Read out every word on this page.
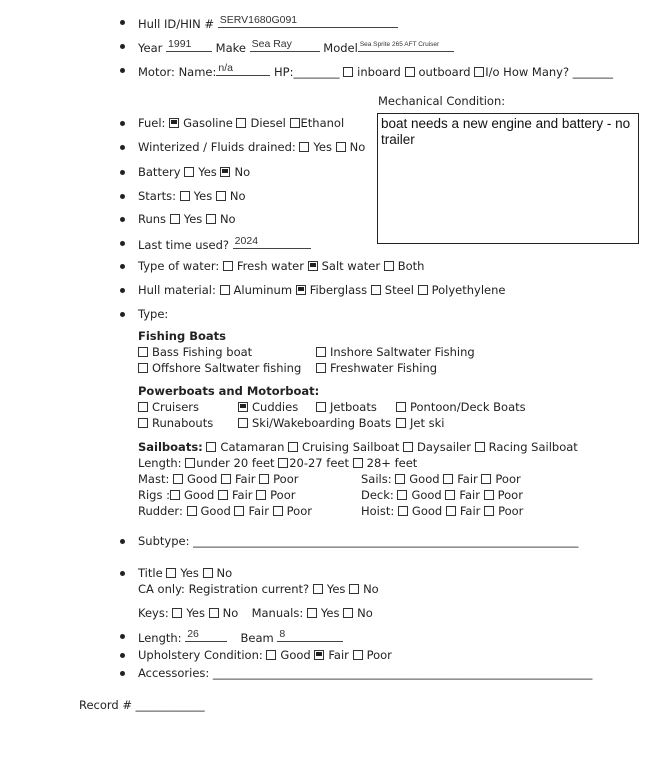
Hull ID/HIN # SERV1680G091
Year 1991 Make Sea Ray	Model Sea Sprite 265 AFT Cruiser
Motor: Name: n/a	HP:________ inboard outboard I/o How Many? _______
Mechanical Condition:
boat needs a new engine and battery - no trailer
Fuel: Gasoline Diesel Ethanol
Winterized / Fluids drained: Yes No
Battery Yes No
Starts: Yes No
Runs Yes No
Last time used? 2024
Type of water: Fresh water Salt water Both
Hull material: Aluminum Fiberglass Steel Polyethylene
Type:
Fishing Boats
Bass Fishing boat	Inshore Saltwater Fishing
Offshore Saltwater fishing	Freshwater Fishing
Powerboats and Motorboat:
Cruisers	Cuddies	Jetboats	Pontoon/Deck Boats
Runabouts	Ski/Wakeboarding Boats	Jet ski
Sailboats: Catamaran Cruising Sailboat Daysailer Racing Sailboat
Length: under 20 feet 20-27 feet 28+ feet
Mast: Good Fair Poor	Sails: Good Fair Poor
Rigs : Good Fair Poor	Deck: Good Fair Poor
Rudder: Good Fair Poor	Hoist: Good Fair Poor
Subtype: ___________________________________________________________________
Title Yes No
CA only: Registration current? Yes No
Keys: Yes No Manuals: Yes No
Length: 26	Beam 8
Upholstery Condition: Good Fair Poor
Accessories: __________________________________________________________________
Record # ____________
